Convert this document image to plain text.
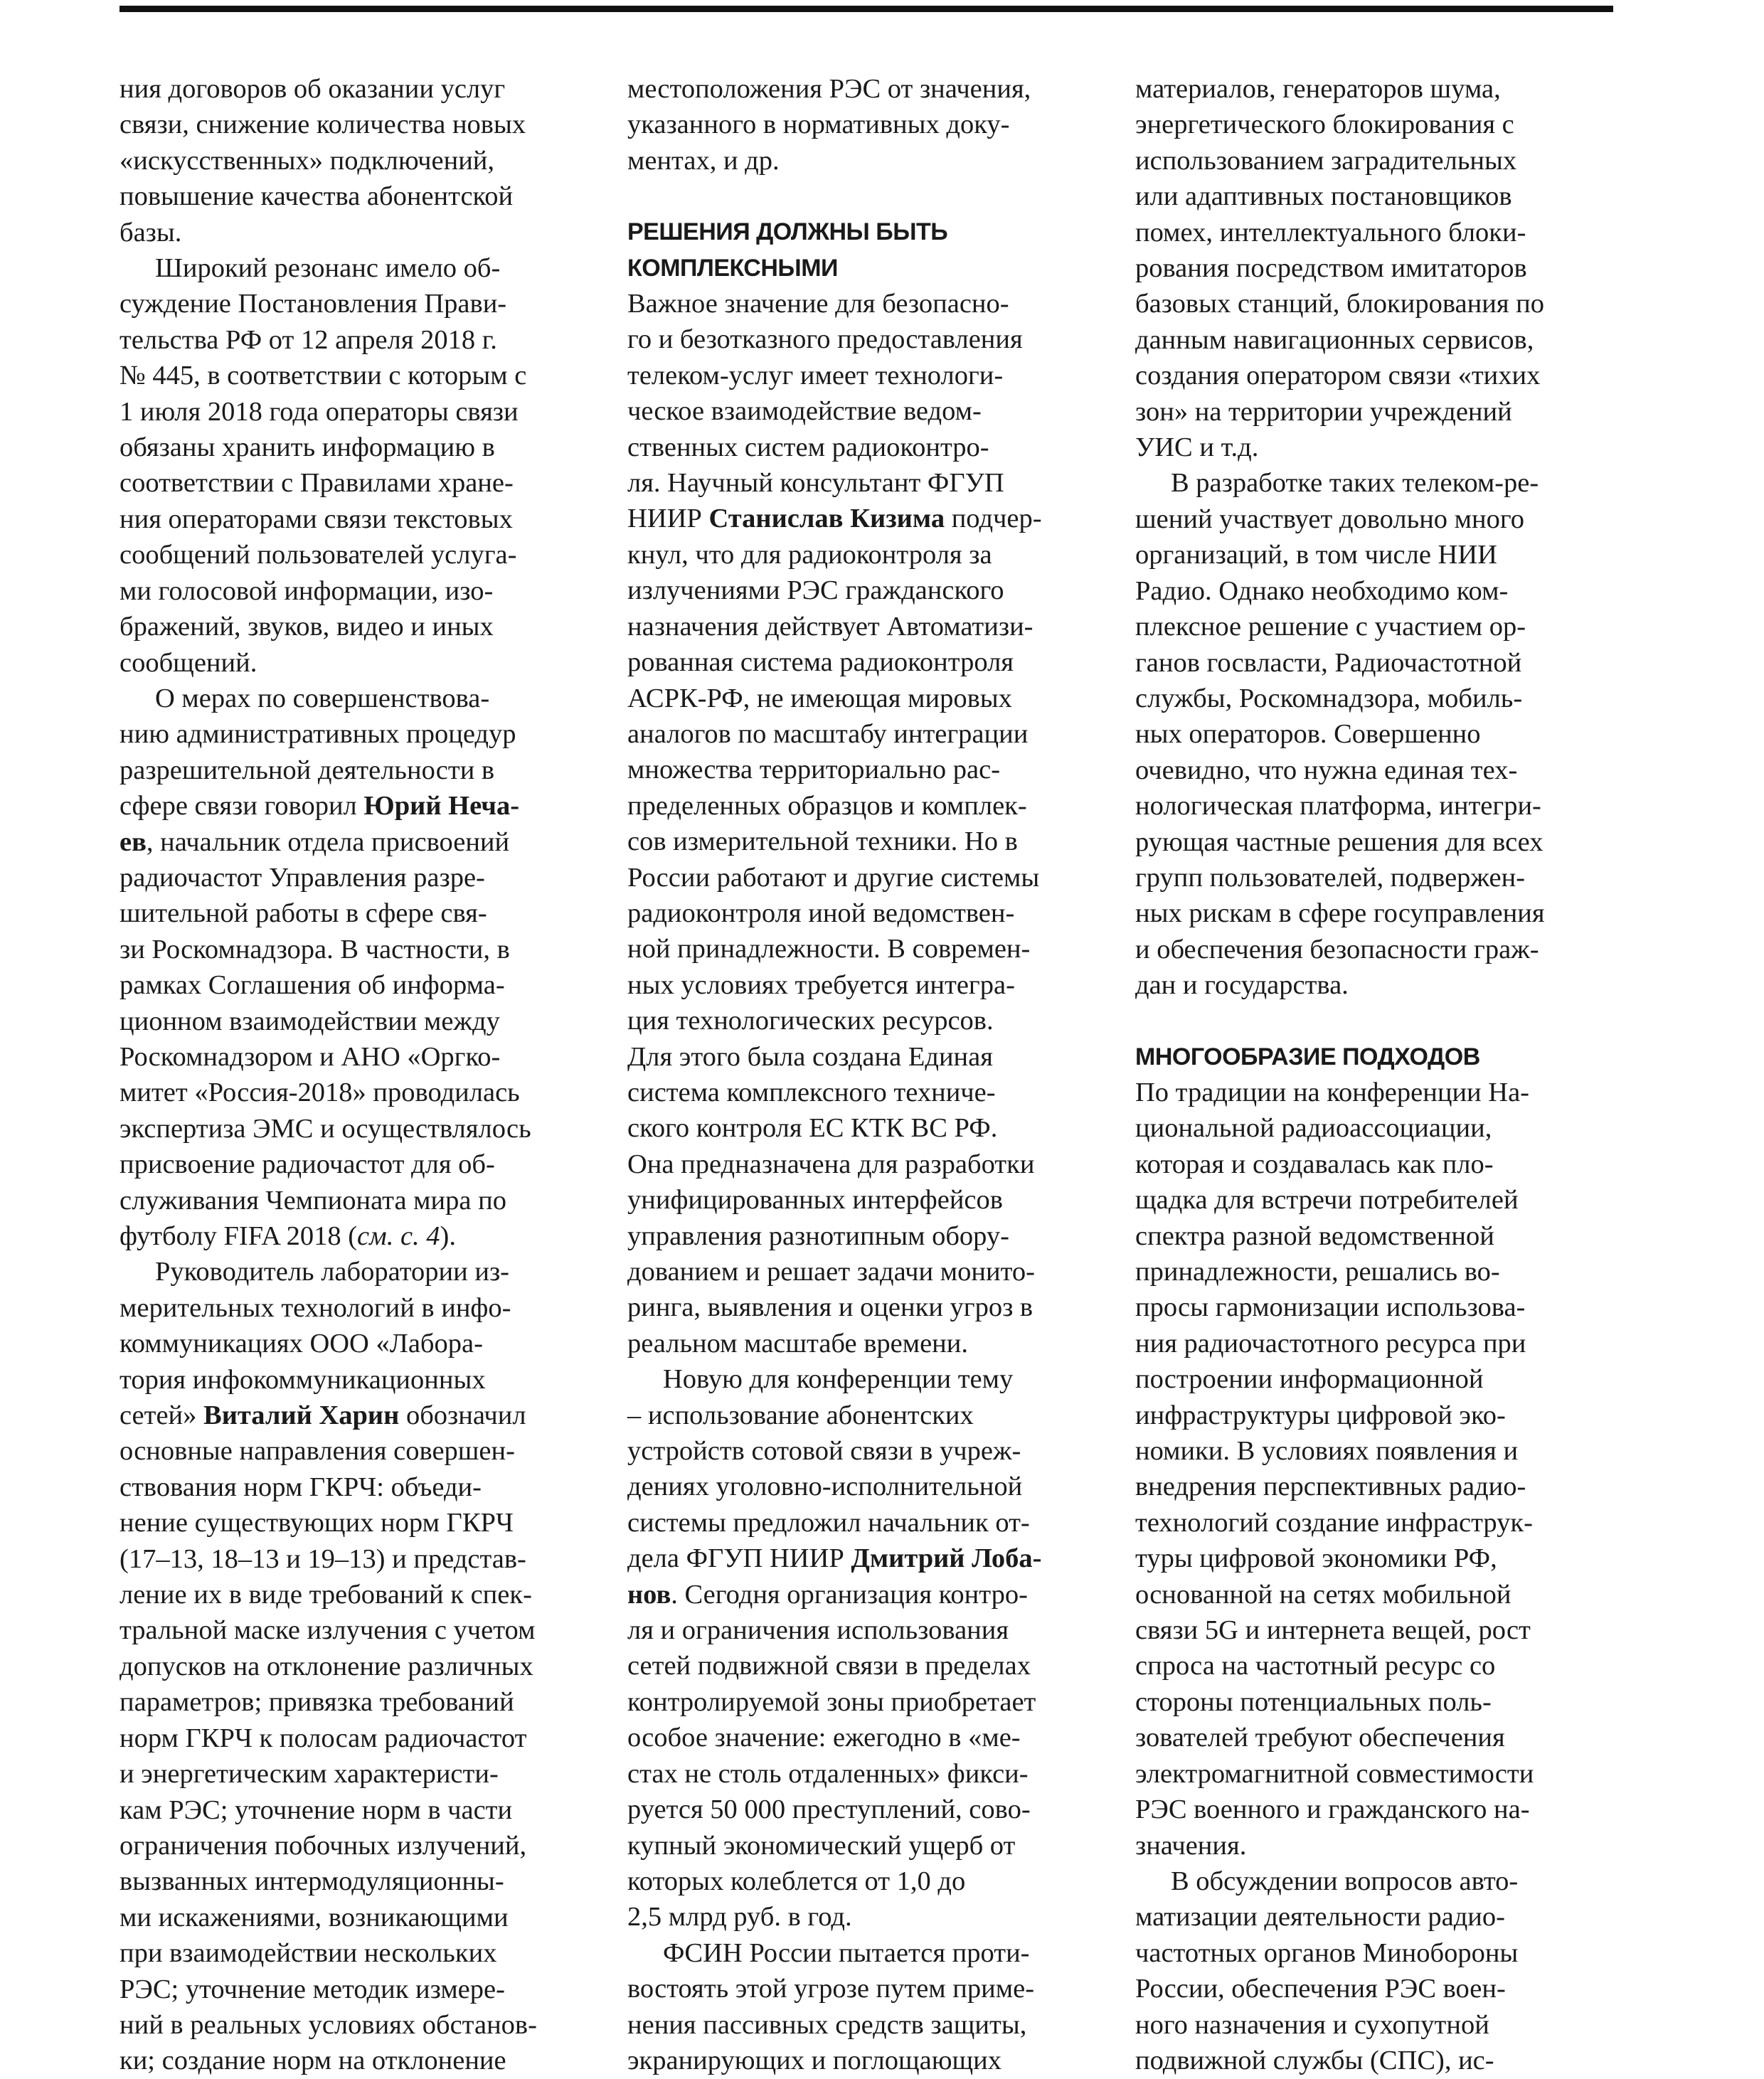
ния договоров об оказании услуг
связи, снижение количества новых
«искусственных» подключений,
повышение качества абонентской
базы.
Широкий резонанс имело об-
суждение Постановления Прави-
тельства РФ от 12 апреля 2018 г.
№ 445, в соответствии с которым с
1 июля 2018 года операторы связи
обязаны хранить информацию в
соответствии с Правилами хране-
ния операторами связи текстовых
сообщений пользователей услуга-
ми голосовой информации, изо-
бражений, звуков, видео и иных
сообщений.
О мерах по совершенствова-
нию административных процедур
разрешительной деятельности в
сфере связи говорил Юрий Неча-
ев, начальник отдела присвоений
радиочастот Управления разре-
шительной работы в сфере свя-
зи Роскомнадзора. В частности, в
рамках Соглашения об информа-
ционном взаимодействии между
Роскомнадзором и АНО «Оргко-
митет «Россия-2018» проводилась
экспертиза ЭМС и осуществлялось
присвоение радиочастот для об-
служивания Чемпионата мира по
футболу FIFA 2018 (см. с. 4).
Руководитель лаборатории из-
мерительных технологий в инфо-
коммуникациях ООО «Лабора-
тория инфокоммуникационных
сетей» Виталий Харин обозначил
основные направления совершен-
ствования норм ГКРЧ: объеди-
нение существующих норм ГКРЧ
(17–13, 18–13 и 19–13) и представ-
ление их в виде требований к спек-
тральной маске излучения с учетом
допусков на отклонение различных
параметров; привязка требований
норм ГКРЧ к полосам радиочастот
и энергетическим характеристи-
кам РЭС; уточнение норм в части
ограничения побочных излучений,
вызванных интермодуляционны-
ми искажениями, возникающими
при взаимодействии нескольких
РЭС; уточнение методик измере-
ний в реальных условиях обстанов-
ки; создание норм на отклонение
местоположения РЭС от значения,
указанного в нормативных доку-
ментах, и др.
РЕШЕНИЯ ДОЛЖНЫ БЫТЬ
КОМПЛЕКСНЫМИ
Важное значение для безопасно-
го и безотказного предоставления
телеком-услуг имеет технологи-
ческое взаимодействие ведом-
ственных систем радиоконтро-
ля. Научный консультант ФГУП
НИИР Станислав Кизима подчер-
кнул, что для радиоконтроля за
излучениями РЭС гражданского
назначения действует Автоматизи-
рованная система радиоконтроля
АСРК-РФ, не имеющая мировых
аналогов по масштабу интеграции
множества территориально рас-
пределенных образцов и комплек-
сов измерительной техники. Но в
России работают и другие системы
радиоконтроля иной ведомствен-
ной принадлежности. В современ-
ных условиях требуется интегра-
ция технологических ресурсов.
Для этого была создана Единая
система комплексного техниче-
ского контроля ЕС КТК ВС РФ.
Она предназначена для разработки
унифицированных интерфейсов
управления разнотипным обору-
дованием и решает задачи монито-
ринга, выявления и оценки угроз в
реальном масштабе времени.
Новую для конференции тему
– использование абонентских
устройств сотовой связи в учреж-
дениях уголовно-исполнительной
системы предложил начальник от-
дела ФГУП НИИР Дмитрий Лоба-
нов. Сегодня организация контро-
ля и ограничения использования
сетей подвижной связи в пределах
контролируемой зоны приобретает
особое значение: ежегодно в «ме-
стах не столь отдаленных» фикси-
руется 50 000 преступлений, сово-
купный экономический ущерб от
которых колеблется от 1,0 до
2,5 млрд руб. в год.
ФСИН России пытается проти-
востоять этой угрозе путем приме-
нения пассивных средств защиты,
экранирующих и поглощающих
материалов, генераторов шума,
энергетического блокирования с
использованием заградительных
или адаптивных постановщиков
помех, интеллектуального блоки-
рования посредством имитаторов
базовых станций, блокирования по
данным навигационных сервисов,
создания оператором связи «тихих
зон» на территории учреждений
УИС и т.д.
В разработке таких телеком-ре-
шений участвует довольно много
организаций, в том числе НИИ
Радио. Однако необходимо ком-
плексное решение с участием ор-
ганов госвласти, Радиочастотной
службы, Роскомнадзора, мобиль-
ных операторов. Совершенно
очевидно, что нужна единая тех-
нологическая платформа, интегри-
рующая частные решения для всех
групп пользователей, подвержен-
ных рискам в сфере госуправления
и обеспечения безопасности граж-
дан и государства.
МНОГООБРАЗИЕ ПОДХОДОВ
По традиции на конференции На-
циональной радиоассоциации,
которая и создавалась как пло-
щадка для встречи потребителей
спектра разной ведомственной
принадлежности, решались во-
просы гармонизации использова-
ния радиочастотного ресурса при
построении информационной
инфраструктуры цифровой эко-
номики. В условиях появления и
внедрения перспективных радио-
технологий создание инфраструк-
туры цифровой экономики РФ,
основанной на сетях мобильной
связи 5G и интернета вещей, рост
спроса на частотный ресурс со
стороны потенциальных поль-
зователей требуют обеспечения
электромагнитной совместимости
РЭС военного и гражданского на-
значения.
В обсуждении вопросов авто-
матизации деятельности радио-
частотных органов Минобороны
России, обеспечения РЭС воен-
ного назначения и сухопутной
подвижной службы (СПС), ис-
